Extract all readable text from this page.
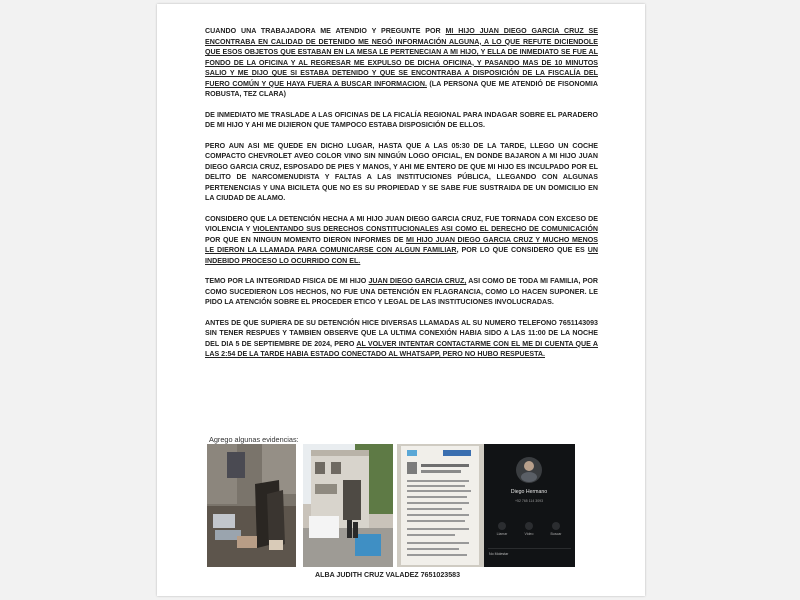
CUANDO UNA TRABAJADORA ME ATENDIO Y PREGUNTE POR MI HIJO JUAN DIEGO GARCIA CRUZ SE ENCONTRABA EN CALIDAD DE DETENIDO ME NEGÓ INFORMACIÓN ALGUNA, A LO QUE REFUTE DICIENDOLE QUE ESOS OBJETOS QUE ESTABAN EN LA MESA LE PERTENECIAN A MI HIJO, Y ELLA DE INMEDIATO SE FUE AL FONDO DE LA OFICINA Y AL REGRESAR ME EXPULSO DE DICHA OFICINA, Y PASANDO MAS DE 10 MINUTOS SALIO Y ME DIJO QUE SI ESTABA DETENIDO Y QUE SE ENCONTRABA A DISPOSICIÓN DE LA FISCALÍA DEL FUERO COMÚN Y QUE HAYA FUERA A BUSCAR INFORMACION. (LA PERSONA QUE ME ATENDIÓ DE FISONOMIA ROBUSTA, TEZ CLARA)

DE INMEDIATO ME TRASLADE A LAS OFICINAS DE LA FICALÍA REGIONAL PARA INDAGAR SOBRE EL PARADERO DE MI HIJO Y AHI ME DIJIERON QUE TAMPOCO ESTABA DISPOSICIÓN DE ELLOS.

PERO AUN ASI ME QUEDE EN DICHO LUGAR, HASTA QUE A LAS 05:30 DE LA TARDE, LLEGO UN COCHE COMPACTO CHEVROLET AVEO COLOR VINO SIN NINGÚN LOGO OFICIAL, EN DONDE BAJARON A MI HIJO JUAN DIEGO GARCIA CRUZ, ESPOSADO DE PIES Y MANOS, Y AHI ME ENTERO DE QUE MI HIJO ES INCULPADO POR EL DELITO DE NARCOMENUDISTA Y FALTAS A LAS INSTITUCIONES PÚBLICA, LLEGANDO CON ALGUNAS PERTENENCIAS Y UNA BICILETA QUE NO ES SU PROPIEDAD Y SE SABE FUE SUSTRAIDA DE UN DOMICILIO EN LA CIUDAD DE ALAMO.

CONSIDERO QUE LA DETENCIÓN HECHA A MI HIJO JUAN DIEGO GARCIA CRUZ, FUE TORNADA CON EXCESO DE VIOLENCIA Y VIOLENTANDO SUS DERECHOS CONSTITUCIONALES ASI COMO EL DERECHO DE COMUNICACIÓN POR QUE EN NINGUN MOMENTO DIERON INFORMES DE MI HIJO JUAN DIEGO GARCIA CRUZ Y MUCHO MENOS LE DIERON LA LLAMADA PARA COMUNICARSE CON ALGUN FAMILIAR, POR LO QUE CONSIDERO QUE ES UN INDEBIDO PROCESO LO OCURRIDO CON EL.

TEMO POR LA INTEGRIDAD FISICA DE MI HIJO JUAN DIEGO GARCIA CRUZ, ASI COMO DE TODA MI FAMILIA, POR COMO SUCEDIERON LOS HECHOS, NO FUE UNA DETENCIÓN EN FLAGRANCIA, COMO LO HACEN SUPONER. LE PIDO LA ATENCIÓN SOBRE EL PROCEDER ETICO Y LEGAL DE LAS INSTITUCIONES INVOLUCRADAS.

ANTES DE QUE SUPIERA DE SU DETENCIÓN HICE DIVERSAS LLAMADAS AL SU NUMERO TELEFONO 7651143093 SIN TENER RESPUES Y TAMBIEN OBSERVE QUE LA ULTIMA CONEXIÓN HABIA SIDO A LAS 11:00 DE LA NOCHE DEL DIA 5 DE SEPTIEMBRE DE 2024, PERO AL VOLVER INTENTAR CONTACTARME CON EL ME DI CUENTA QUE A LAS 2:54 DE LA TARDE HABIA ESTADO CONECTADO AL WHATSAPP, PERO NO HUBO RESPUESTA.

Agrego algunas evidencias:
Diego Hermano
+52 765 114 3093
Llamar	Video	Buscar
No Molestar
ALBA JUDITH CRUZ VALADEZ 7651023583
